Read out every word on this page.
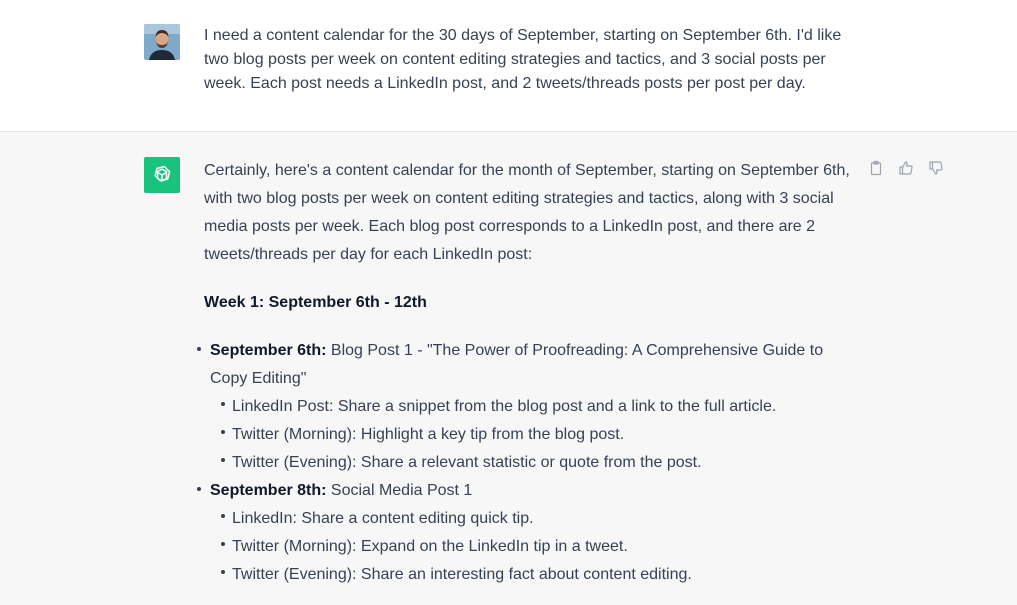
I need a content calendar for the 30 days of September, starting on September 6th. I'd like two blog posts per week on content editing strategies and tactics, and 3 social posts per week. Each post needs a LinkedIn post, and 2 tweets/threads posts per post per day.

Certainly, here's a content calendar for the month of September, starting on September 6th, with two blog posts per week on content editing strategies and tactics, along with 3 social media posts per week. Each blog post corresponds to a LinkedIn post, and there are 2 tweets/threads per day for each LinkedIn post:

Week 1: September 6th - 12th

September 6th: Blog Post 1 - "The Power of Proofreading: A Comprehensive Guide to Copy Editing"
LinkedIn Post: Share a snippet from the blog post and a link to the full article.
Twitter (Morning): Highlight a key tip from the blog post.
Twitter (Evening): Share a relevant statistic or quote from the post.
September 8th: Social Media Post 1
LinkedIn: Share a content editing quick tip.
Twitter (Morning): Expand on the LinkedIn tip in a tweet.
Twitter (Evening): Share an interesting fact about content editing.
